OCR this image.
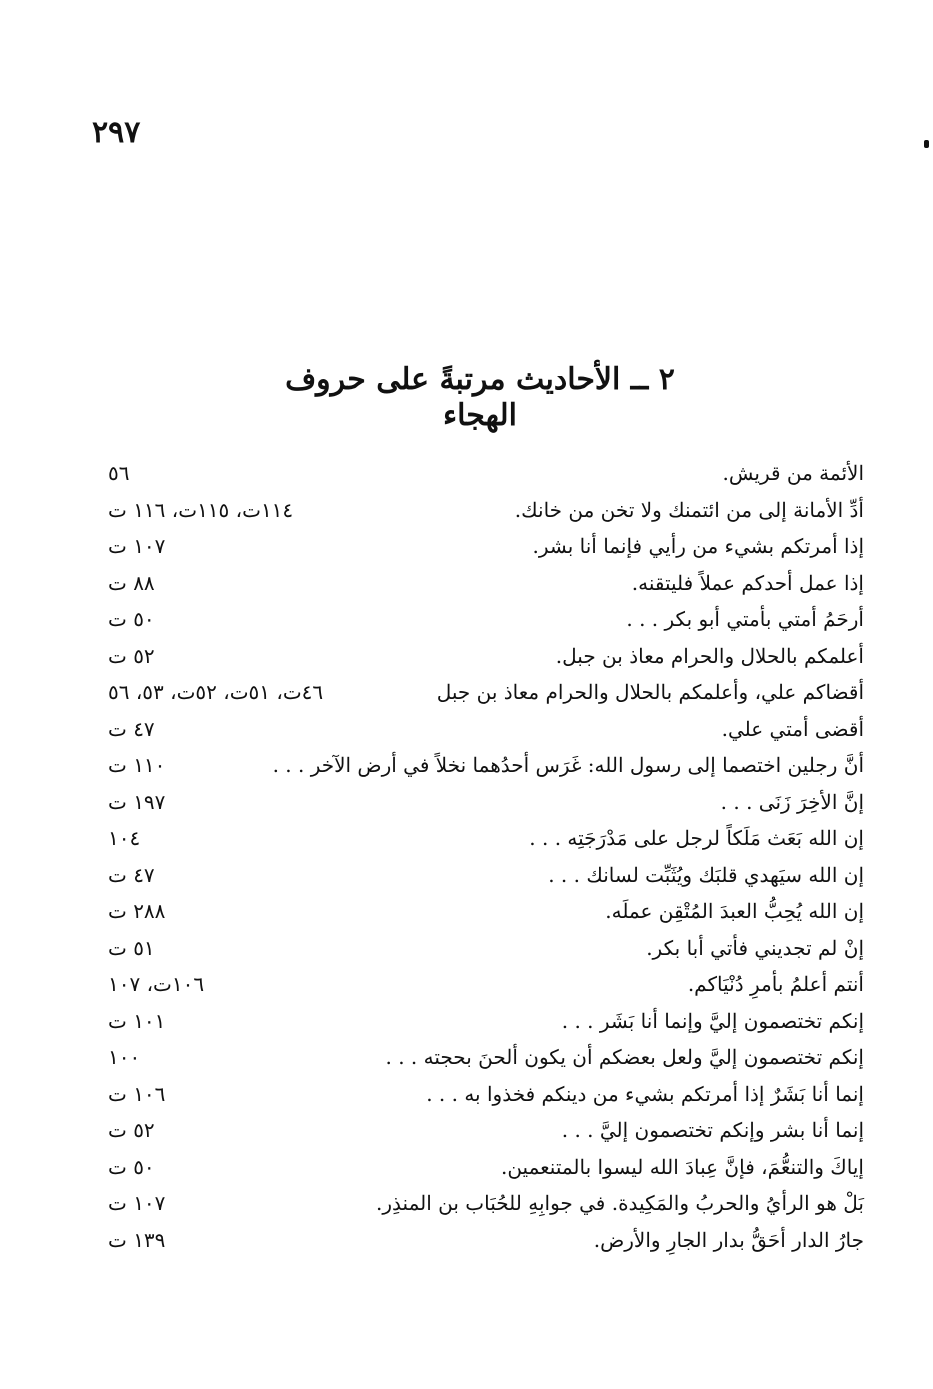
٢٩٧
٢ ــ الأحاديث مرتبةً على حروف الهجاء
الأئمة من قريش.
٥٦
أدِّ الأمانة إلى من ائتمنك ولا تخن من خانك.
١١٤ت، ١١٥ت، ١١٦ ت
إذا أمرتكم بشيء من رأيي فإنما أنا بشر.
١٠٧ ت
إذا عمل أحدكم عملاً فليتقنه.
٨٨ ت
أرحَمُ أمتي بأمتي أبو بكر . . .
٥٠ ت
أعلمكم بالحلال والحرام معاذ بن جبل.
٥٢ ت
أقضاكم علي، وأعلمكم بالحلال والحرام معاذ بن جبل
٤٦ت، ٥١ت، ٥٢ت، ٥٣، ٥٦
أقضى أمتي علي.
٤٧ ت
أنَّ رجلين اختصما إلى رسول الله: غَرَس أحدُهما نخلاً في أرض الآخر . . .
١١٠ ت
إنَّ الأخِرَ زَنَى . . .
١٩٧ ت
إن الله بَعَث مَلَكاً لرجل على مَدْرَجَتِه . . .
١٠٤
إن الله سيَهدي قلبَك ويُثَبِّت لسانك . . .
٤٧ ت
إن الله يُحِبُّ العبدَ المُتْقِن عملَه.
٢٨٨ ت
إنْ لم تجديني فأتي أبا بكر.
٥١ ت
أنتم أعلمُ بأمرِ دُنْيَاكم.
١٠٦ت، ١٠٧
إنكم تختصمون إليَّ وإنما أنا بَشَر . . .
١٠١ ت
إنكم تختصمون إليَّ ولعل بعضكم أن يكون ألحنَ بحجته . . .
١٠٠
إنما أنا بَشَرٌ إذا أمرتكم بشيء من دينكم فخذوا به . . .
١٠٦ ت
إنما أنا بشر وإنكم تختصمون إليَّ . . .
٥٢ ت
إياكَ والتنعُّمَ، فإنَّ عِبادَ الله ليسوا بالمتنعمين.
٥٠ ت
بَلْ هو الرأيُ والحربُ والمَكِيدة. في جوابِهِ للحُبَاب بن المنذِر.
١٠٧ ت
جارُ الدار أحَقُّ بدار الجارِ والأرض.
١٣٩ ت
